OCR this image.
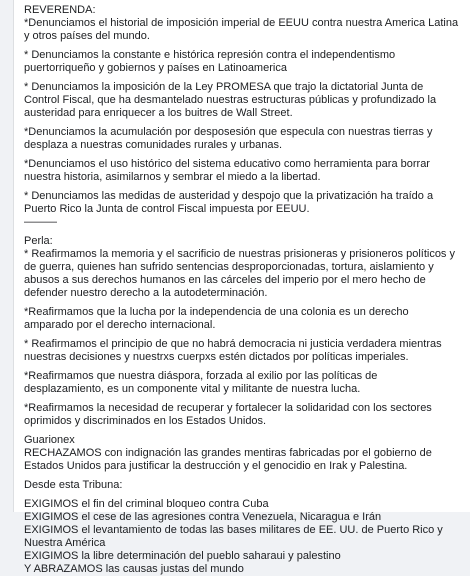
REVERENDA:

*Denunciamos el historial de imposición imperial de EEUU contra nuestra America Latina y otros países del mundo.

* Denunciamos la constante e histórica represión contra el independentismo puertorriqueño y gobiernos y países en Latinoamerica

* Denunciamos la imposición de la Ley PROMESA que trajo la dictatorial Junta de Control Fiscal, que ha desmantelado nuestras estructuras públicas y profundizado la austeridad para enriquecer a los buitres de Wall Street.

*Denunciamos la acumulación por desposesión que especula con nuestras tierras y desplaza a nuestras comunidades rurales y urbanas.

*Denunciamos el uso histórico del sistema educativo como herramienta para borrar nuestra historia, asimilarnos y sembrar el miedo a la libertad.

* Denunciamos las medidas de austeridad y despojo que la privatización ha traído a Puerto Rico la Junta de control Fiscal impuesta por EEUU.

———

Perla:

* Reafirmamos la memoria y el sacrificio de nuestras prisioneras y prisioneros políticos y de guerra, quienes han sufrido sentencias desproporcionadas, tortura, aislamiento y abusos a sus derechos humanos en las cárceles del imperio por el mero hecho de defender nuestro derecho a la autodeterminación.

*Reafirmamos que la lucha por la independencia de una colonia es un derecho amparado por el derecho internacional.

* Reafirmamos el principio de que no habrá democracia ni justicia verdadera mientras nuestras decisiones y nuestrxs cuerpxs estén dictados por políticas imperiales.

*Reafirmamos que nuestra diáspora, forzada al exilio por las políticas de desplazamiento, es un componente vital y militante de nuestra lucha.

*Reafirmamos la necesidad de recuperar y fortalecer la solidaridad con los sectores oprimidos y discriminados en los Estados Unidos.

Guarionex

RECHAZAMOS con indignación las grandes mentiras fabricadas por el gobierno de Estados Unidos para justificar la destrucción y el genocidio en Irak y Palestina.

Desde esta Tribuna:

EXIGIMOS el fin del criminal bloqueo contra Cuba

EXIGIMOS el cese de las agresiones contra Venezuela, Nicaragua e Irán

EXIGIMOS el levantamiento de todas las bases militares de EE. UU. de Puerto Rico y Nuestra América

EXIGIMOS la libre determinación del pueblo saharaui y palestino

Y ABRAZAMOS las causas justas del mundo
